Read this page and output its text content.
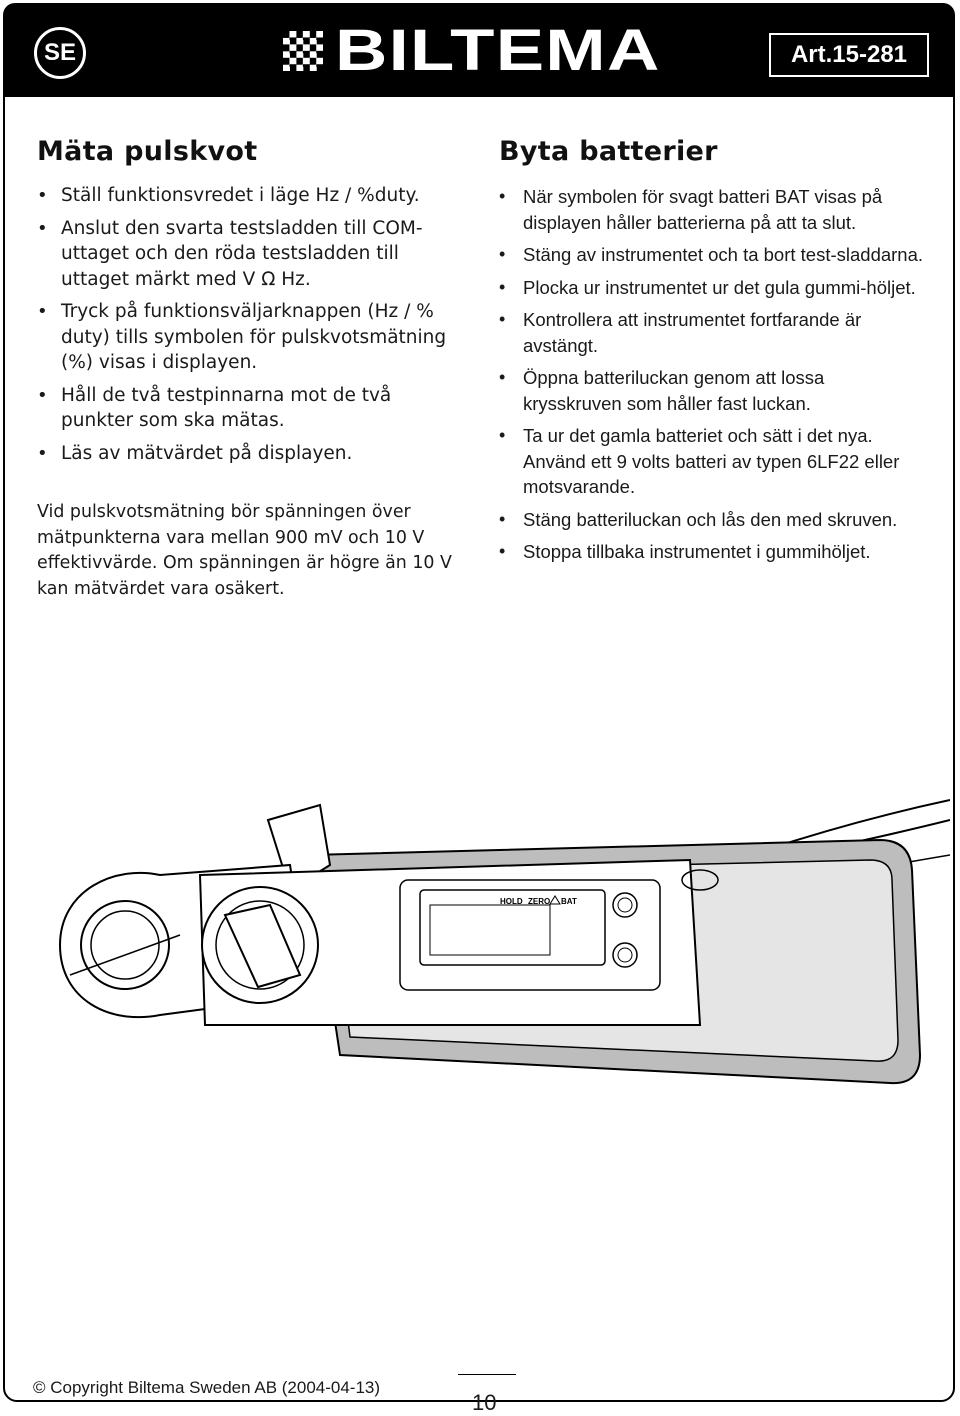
SE	BILTEMA	Art.15-281
Mäta pulskvot
• Ställ funktionsvredet i läge Hz / %duty.
• Anslut den svarta testsladden till COM-uttaget och den röda testsladden till uttaget märkt med V Ω Hz.
• Tryck på funktionsväljarknappen (Hz / % duty) tills symbolen för pulskvotsmätning (%) visas i displayen.
• Håll de två testpinnarna mot de två punkter som ska mätas.
• Läs av mätvärdet på displayen.

Vid pulskvotsmätning bör spänningen över mätpunkterna vara mellan 900 mV och 10 V effektivvärde. Om spänningen är högre än 10 V kan mätvärdet vara osäkert.

Byta batterier
• När symbolen för svagt batteri BAT visas på displayen håller batterierna på att ta slut.
• Stäng av instrumentet och ta bort test-sladdarna.
• Plocka ur instrumentet ur det gula gummi-höljet.
• Kontrollera att instrumentet fortfarande är avstängt.
• Öppna batteriluckan genom att lossa krysskruven som håller fast luckan.
• Ta ur det gamla batteriet och sätt i det nya. Använd ett 9 volts batteri av typen 6LF22 eller motsvarande.
• Stäng batteriluckan och lås den med skruven.
• Stoppa tillbaka instrumentet i gummihöljet.
HOLD ZERO BAT
© Copyright Biltema Sweden AB (2004-04-13)
10
